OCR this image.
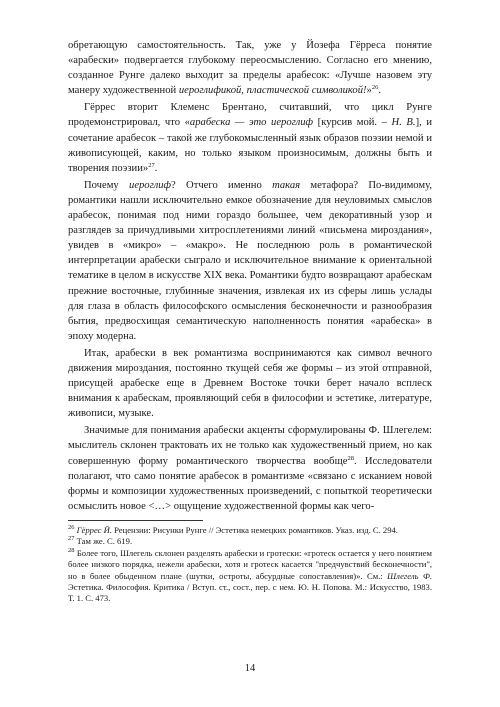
обретающую самостоятельность. Так, уже у Йозефа Гёрреса понятие «арабески» подвергается глубокому переосмыслению. Согласно его мнению, созданное Рунге далеко выходит за пределы арабесок: «Лучше назовем эту манеру художественной иероглификой, пластической символикой!»$^{26}$.

Гёррес вторит Клеменс Брентано, считавший, что цикл Рунге продемонстрировал, что «арабеска — это иероглиф [курсив мой. – Н. В.], и сочетание арабесок – такой же глубокомысленный язык образов поэзии немой и живописующей, каким, но только языком произносимым, должны быть и творения поэзии»$^{27}$.

Почему иероглиф? Отчего именно такая метафора? По-видимому, романтики нашли исключительно емкое обозначение для неуловимых смыслов арабесок, понимая под ними гораздо большее, чем декоративный узор и разглядев за причудливыми хитросплетениями линий «письмена мироздания», увидев в «микро» – «макро». Не последнюю роль в романтической интерпретации арабески сыграло и исключительное внимание к ориентальной тематике в целом в искусстве XIX века. Романтики будто возвращают арабескам прежние восточные, глубинные значения, извлекая их из сферы лишь услады для глаза в область философского осмысления бесконечности и разнообразия бытия, предвосхищая семантическую наполненность понятия «арабеска» в эпоху модерна.

Итак, арабески в век романтизма воспринимаются как символ вечного движения мироздания, постоянно ткущей себя же формы – из этой отправной, присущей арабеске еще в Древнем Востоке точки берет начало всплеск внимания к арабескам, проявляющий себя в философии и эстетике, литературе, живописи, музыке.

Значимые для понимания арабески акценты сформулированы Ф. Шлегелем: мыслитель склонен трактовать их не только как художественный прием, но как совершенную форму романтического творчества вообще$^{28}$. Исследователи полагают, что само понятие арабесок в романтизме «связано с исканием новой формы и композиции художественных произведений, с попыткой теоретически осмыслить новое <…> ощущение художественной формы как чего-

$^{26}$ Гёррес Й. Рецензии: Рисунки Рунге // Эстетика немецких романтиков. Указ. изд. С. 294.

$^{27}$ Там же. С. 619.

$^{28}$ Более того, Шлегель склонен разделять арабески и гротески: «гротеск остается у него понятием более низкого порядка, нежели арабески, хотя и гротеск касается "предчувствий бесконечности", но в более обыденном плане (шутки, остроты, абсурдные сопоставления)». См.: Шлегель Ф. Эстетика. Философия. Критика / Вступ. ст., сост., пер. с нем. Ю. Н. Попова. М.: Искусство, 1983. Т. 1. С. 473.

14
